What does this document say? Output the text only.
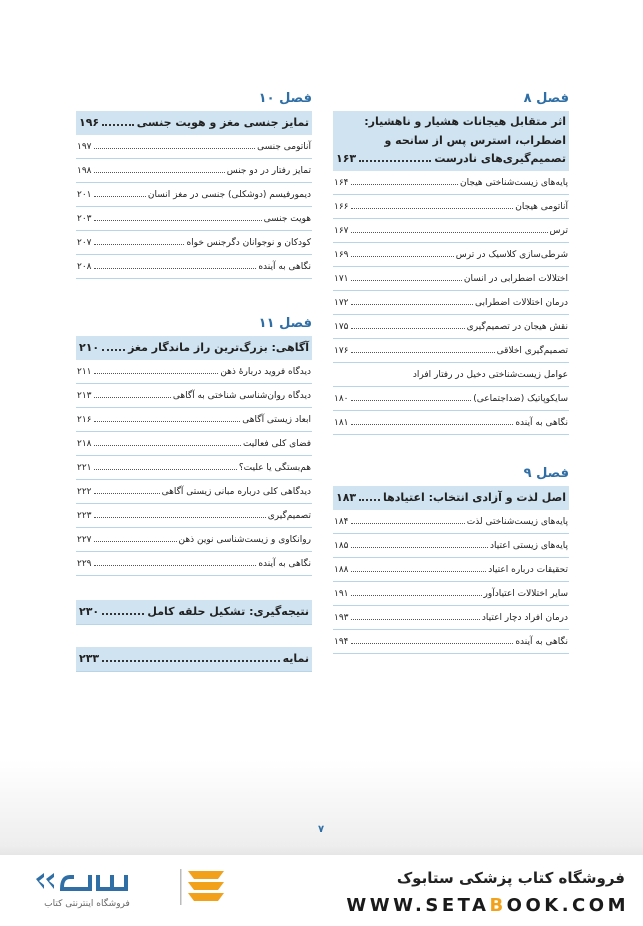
فصل ۸
اثر متقابل هیجانات هشیار و ناهشیار:
اضطراب، استرس پس از سانحه و
تصمیم‌گیری‌های نادرست
۱۶۳
پایه‌های زیست‌شناختی هیجان
۱۶۴
آناتومی هیجان
۱۶۶
ترس
۱۶۷
شرطی‌سازی کلاسیک در ترس
۱۶۹
اختلالات اضطرابی در انسان
۱۷۱
درمان اختلالات اضطرابی
۱۷۲
نقش هیجان در تصمیم‌گیری
۱۷۵
تصمیم‌گیری اخلاقی
۱۷۶
عوامل زیست‌شناختی دخیل در رفتار افراد
سایکوپاتیک (ضداجتماعی)
۱۸۰
نگاهی به آینده
۱۸۱
فصل ۹
اصل لذت و آزادی انتخاب: اعتیادها
۱۸۳
پایه‌های زیست‌شناختی لذت
۱۸۴
پایه‌های زیستی اعتیاد
۱۸۵
تحقیقات درباره اعتیاد
۱۸۸
سایر اختلالات اعتیادآور
۱۹۱
درمان افراد دچار اعتیاد
۱۹۳
نگاهی به آینده
۱۹۴
فصل ۱۰
تمایز جنسی مغز و هویت جنسی
۱۹۶
آناتومی جنسی
۱۹۷
تمایز رفتار در دو جنس
۱۹۸
دیمورفیسم (دوشکلی) جنسی در مغز انسان
۲۰۱
هویت جنسی
۲۰۳
کودکان و نوجوانان دگرجنس خواه
۲۰۷
نگاهی به آینده
۲۰۸
فصل ۱۱
آگاهی: بزرگ‌ترین راز ماندگار مغز
۲۱۰
دیدگاه فروید دربارهٔ ذهن
۲۱۱
دیدگاه روان‌شناسی شناختی به آگاهی
۲۱۳
ابعاد زیستی آگاهی
۲۱۶
فضای کلی فعالیت
۲۱۸
هم‌بستگی یا علیت؟
۲۲۱
دیدگاهی کلی درباره مبانی زیستی آگاهی
۲۲۲
تصمیم‌گیری
۲۲۳
روانکاوی و زیست‌شناسی نوین ذهن
۲۲۷
نگاهی به آینده
۲۲۹
نتیجه‌گیری: تشکیل حلقه کامل
۲۳۰
نمایه
۲۳۳
۷
فروشگاه اینترنتی کتاب
فروشگاه کتاب پزشکی ستابوک
WWW.SETABOOK.COM
